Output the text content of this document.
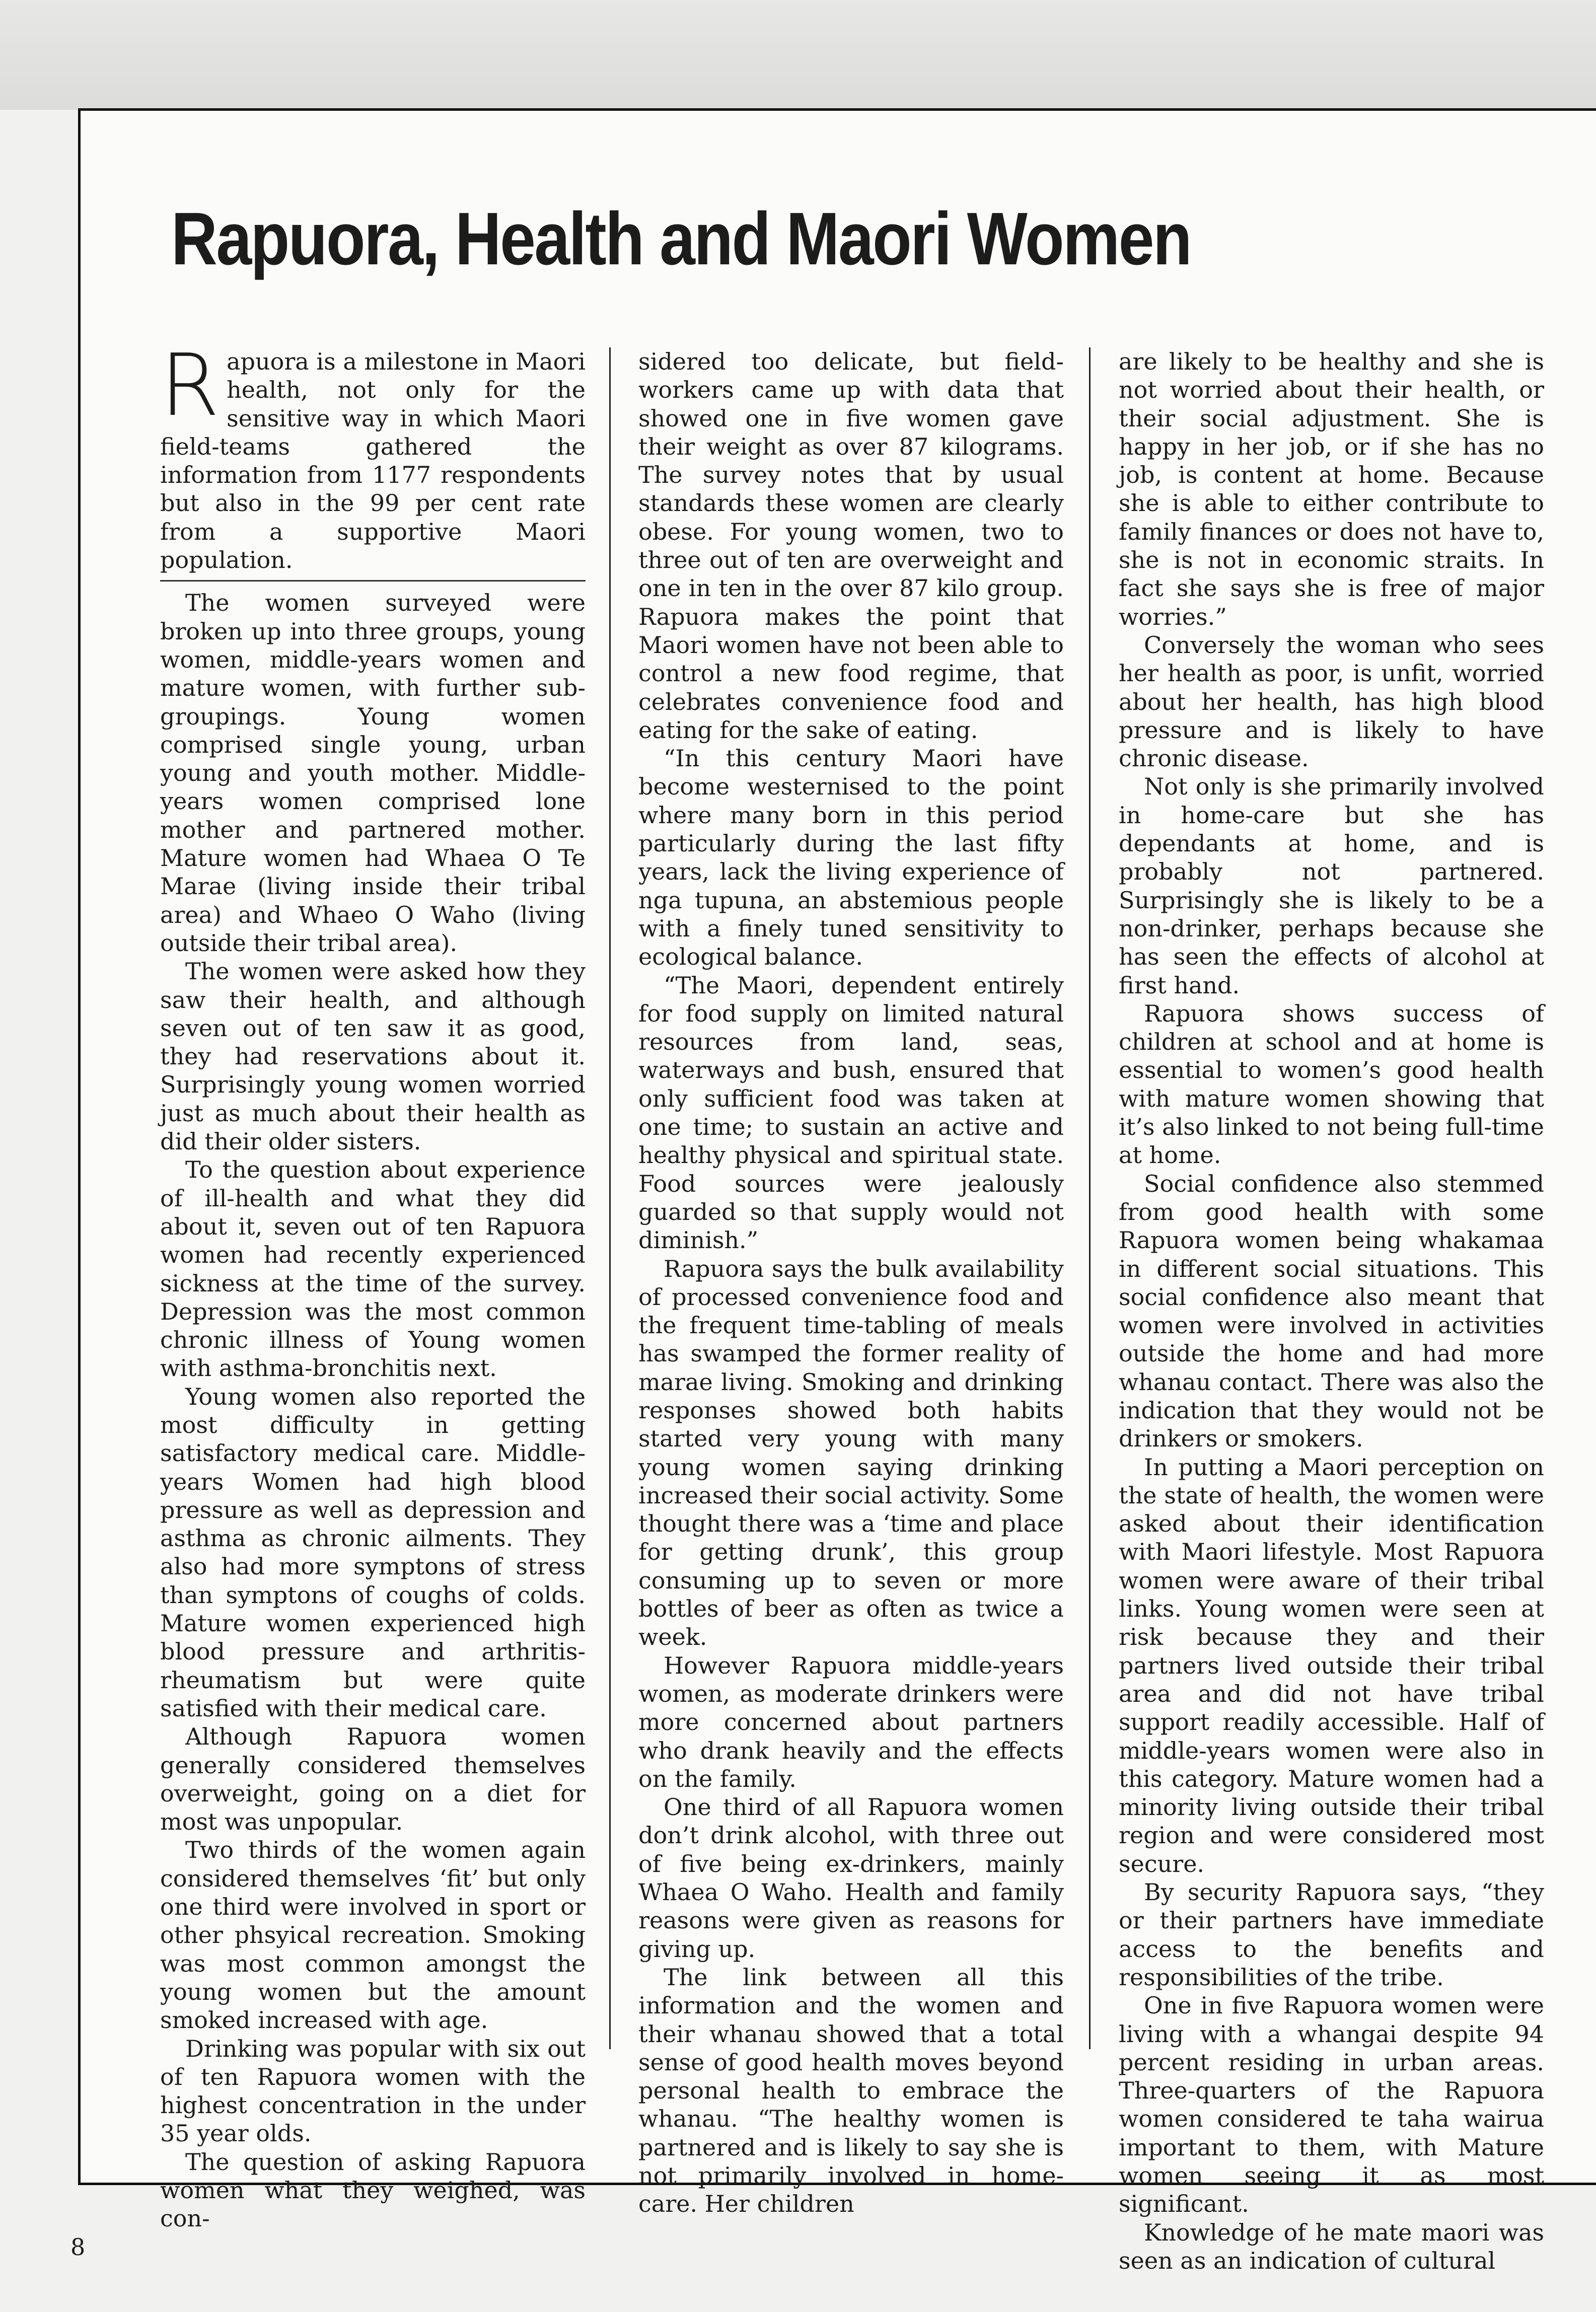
Rapuora, Health and Maori Women
R apuora is a milestone in Maori health, not only for the sensitive way in which Maori field-teams gathered the information from 1177 respondents but also in the 99 per cent rate from a supportive Maori population.

The women surveyed were broken up into three groups, young women, middle-years women and mature women, with further sub-groupings. Young women comprised single young, urban young and youth mother. Middle-years women comprised lone mother and partnered mother. Mature women had Whaea O Te Marae (living inside their tribal area) and Whaeo O Waho (living outside their tribal area).

The women were asked how they saw their health, and although seven out of ten saw it as good, they had reservations about it. Surprisingly young women worried just as much about their health as did their older sisters.

To the question about experience of ill-health and what they did about it, seven out of ten Rapuora women had recently experienced sickness at the time of the survey. Depression was the most common chronic illness of Young women with asthma-bronchitis next.

Young women also reported the most difficulty in getting satisfactory medical care. Middle-years Women had high blood pressure as well as depression and asthma as chronic ailments. They also had more symptons of stress than symptons of coughs of colds. Mature women experienced high blood pressure and arthritis-rheumatism but were quite satisfied with their medical care.

Although Rapuora women generally considered themselves overweight, going on a diet for most was unpopular.

Two thirds of the women again considered themselves ‘fit’ but only one third were involved in sport or other phsyical recreation. Smoking was most common amongst the young women but the amount smoked increased with age.

Drinking was popular with six out of ten Rapuora women with the highest concentration in the under 35 year olds.

The question of asking Rapuora women what they weighed, was con-

sidered too delicate, but field-workers came up with data that showed one in five women gave their weight as over 87 kilograms. The survey notes that by usual standards these women are clearly obese. For young women, two to three out of ten are overweight and one in ten in the over 87 kilo group. Rapuora makes the point that Maori women have not been able to control a new food regime, that celebrates convenience food and eating for the sake of eating.

“In this century Maori have become westernised to the point where many born in this period particularly during the last fifty years, lack the living experience of nga tupuna, an abstemious people with a finely tuned sensitivity to ecological balance.

“The Maori, dependent entirely for food supply on limited natural resources from land, seas, waterways and bush, ensured that only sufficient food was taken at one time; to sustain an active and healthy physical and spiritual state. Food sources were jealously guarded so that supply would not diminish.”

Rapuora says the bulk availability of processed convenience food and the frequent time-tabling of meals has swamped the former reality of marae living. Smoking and drinking responses showed both habits started very young with many young women saying drinking increased their social activity. Some thought there was a ‘time and place for getting drunk’, this group consuming up to seven or more bottles of beer as often as twice a week.

However Rapuora middle-years women, as moderate drinkers were more concerned about partners who drank heavily and the effects on the family.

One third of all Rapuora women don’t drink alcohol, with three out of five being ex-drinkers, mainly Whaea O Waho. Health and family reasons were given as reasons for giving up.

The link between all this information and the women and their whanau showed that a total sense of good health moves beyond personal health to embrace the whanau. “The healthy women is partnered and is likely to say she is not primarily involved in home-care. Her children

are likely to be healthy and she is not worried about their health, or their social adjustment. She is happy in her job, or if she has no job, is content at home. Because she is able to either contribute to family finances or does not have to, she is not in economic straits. In fact she says she is free of major worries.”

Conversely the woman who sees her health as poor, is unfit, worried about her health, has high blood pressure and is likely to have chronic disease.

Not only is she primarily involved in home-care but she has dependants at home, and is probably not partnered. Surprisingly she is likely to be a non-drinker, perhaps because she has seen the effects of alcohol at first hand.

Rapuora shows success of children at school and at home is essential to women’s good health with mature women showing that it’s also linked to not being full-time at home.

Social confidence also stemmed from good health with some Rapuora women being whakamaa in different social situations. This social confidence also meant that women were involved in activities outside the home and had more whanau contact. There was also the indication that they would not be drinkers or smokers.

In putting a Maori perception on the state of health, the women were asked about their identification with Maori lifestyle. Most Rapuora women were aware of their tribal links. Young women were seen at risk because they and their partners lived outside their tribal area and did not have tribal support readily accessible. Half of middle-years women were also in this category. Mature women had a minority living outside their tribal region and were considered most secure.

By security Rapuora says, “they or their partners have immediate access to the benefits and responsibilities of the tribe.

One in five Rapuora women were living with a whangai despite 94 percent residing in urban areas. Three-quarters of the Rapuora women considered te taha wairua important to them, with Mature women seeing it as most significant.

Knowledge of he mate maori was seen as an indication of cultural

8
